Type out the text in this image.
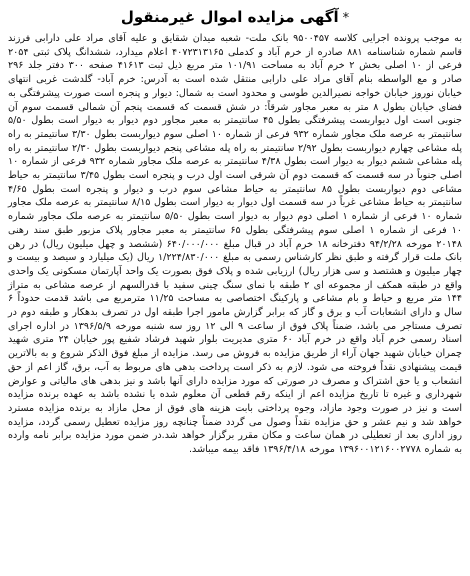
*آگهی مزایده اموال غیرمنقول
به موجب پرونده اجرایی کلاسه ۹۵۰۰۴۵۷ بانک ملت- شعبه میدان شقایق و علیه آقای مراد علی دارابی فرزند قاسم شماره شناسنامه ۸۸۱ صادره از خرم آباد و کدملی ۴۰۷۲۳۱۳۱۶۵ اعلام میدارد، ششدانگ پلاک ثبتی ۲۰۵۴ فرعی از ۱۰ اصلی بخش ۲ خرم آباد به مساحت ۱۰۱/۹۱ متر مربع ذیل ثبت ۴۱۶۱۳ صفحه ۳۰۰ دفتر جلد ۲۹۶ صادر و مع الواسطه بنام آقای مراد علی دارابی منتقل شده است به آدرس: خرم آباد- گلدشت غربی انتهای خیابان نوروز خیابان خواجه نصیرالدین طوسی و محدود است به شمال: دیوار و پنجره است صورت پیشرفتگی به فضای خیابان بطول ۸ متر به معبر مجاور شرقاً: در شش قسمت که قسمت پنجم آن شمالی قسمت سوم آن جنوبی است اول دیواربست پیشرفتگی بطول ۴۵ سانتیمتر به معبر مجاور دوم دیوار به دیوار است بطول ۵/۵۰ سانتیمتر به عرصه ملک مجاور شماره ۹۳۲ فرعی از شماره ۱۰ اصلی سوم دیواربست بطول ۳/۳۰ سانتیمتر به راه پله مشاعی چهارم دیواربست بطول ۲/۹۲ سانتیمتر به راه پله مشاعی پنجم دیواربست بطول ۲/۳۰ سانتیمتر به راه پله مشاعی ششم دیوار به دیوار است بطول ۴/۳۸ سانتیمتر به عرصه ملک مجاور شماره ۹۳۲ فرعی از شماره ۱۰ اصلی جنوباً در سه قسمت که قسمت دوم آن شرقی است اول درب و پنجره است بطول ۳/۴۵ سانتیمتر به حیاط مشاعی دوم دیواربست بطول ۸۵ سانتیمتر به حیاط مشاعی سوم درب و دیوار و پنجره است بطول ۴/۶۵ سانتیمتر به حیاط مشاعی غرباً در سه قسمت اول دیوار به دیوار است بطول ۸/۱۵ سانتیمتر به عرصه ملک مجاور شماره ۱۰ فرعی از شماره ۱ اصلی دوم دیوار به دیوار است بطول ۵/۵۰ سانتیمتر به عرصه ملک مجاور شماره ۱۰ فرعی از شماره ۱ اصلی سوم پیشرفتگی بطول ۶۵ سانتیمتر به معبر مجاور پلاک مزبور طبق سند رهنی ۲۰۱۴۸ مورخه ۹۴/۲/۲۸ دفترخانه ۱۸ خرم آباد در قبال مبلغ ۶۴۰/۰۰۰/۰۰۰ (ششصد و چهل میلیون ریال) در رهن بانک ملت قرار گرفته و طبق نظر کارشناس رسمی به مبلغ ۱/۲۲۴/۸۳۰/۰۰۰ ریال (یک میلیارد و سیصد و بیست و چهار میلیون و هشتصد و سی هزار ریال) ارزیابی شده و پلاک فوق بصورت یک واحد آپارتمان مسکونی یک واحدی واقع در طبقه همکف از مجموعه ای ۲ طبقه با نمای سنگ چینی سفید با قدرالسهم از عرصه مشاعی به متراژ ۱۴۴ متر مربع و حیاط و بام مشاعی و پارکینگ اختصاصی به مساحت ۱۱/۲۵ مترمربع می باشد قدمت حدوداً ۶ سال و دارای انشعابات آب و برق و گاز که برابر گزارش مامور اجرا طبقه اول در تصرف بدهکار و طبقه دوم در تصرف مستاجر می باشد، ضمناً پلاک فوق از ساعت ۹ الی ۱۲ روز سه شنبه مورخه ۱۳۹۶/۵/۹ در اداره اجرای اسناد رسمی خرم آباد واقع در خرم آباد ۶۰ متری مدیریت بلوار شهید فرشاد شفیع پور خیابان ۲۴ متری شهید چمران خیابان شهید جهان آراء از طریق مزایده به فروش می رسد. مزایده از مبلغ فوق الذکر شروع و به بالاترین قیمت پیشنهادی نقداً فروخته می شود. لازم به ذکر است پرداخت بدهی های مربوط به آب، برق، گاز اعم از حق انشعاب و یا حق اشتراک و مصرف در صورتی که مورد مزایده دارای آنها باشد و نیز بدهی های مالیاتی و عوارض شهرداری و غیره تا تاریخ مزایده اعم از اینکه رقم قطعی آن معلوم شده یا نشده باشد به عهده برنده مزایده است و نیز در صورت وجود مازاد، وجوه پرداختی بابت هزینه های فوق از محل مازاد به برنده مزایده مسترد خواهد شد و نیم عشر و حق مزایده نقداً وصول می گردد ضمناً چنانچه روز مزایده تعطیل رسمی گردد، مزایده روز اداری بعد از تعطیلی در همان ساعت و مکان مقرر برگزار خواهد شد.در ضمن مورد مزایده برابر نامه وارده به شماره ۱۳۹۶۰۰۱۲۱۶۰۰۲۷۷۸ مورخه ۱۳۹۶/۴/۱۸ فاقد بیمه میباشد.
